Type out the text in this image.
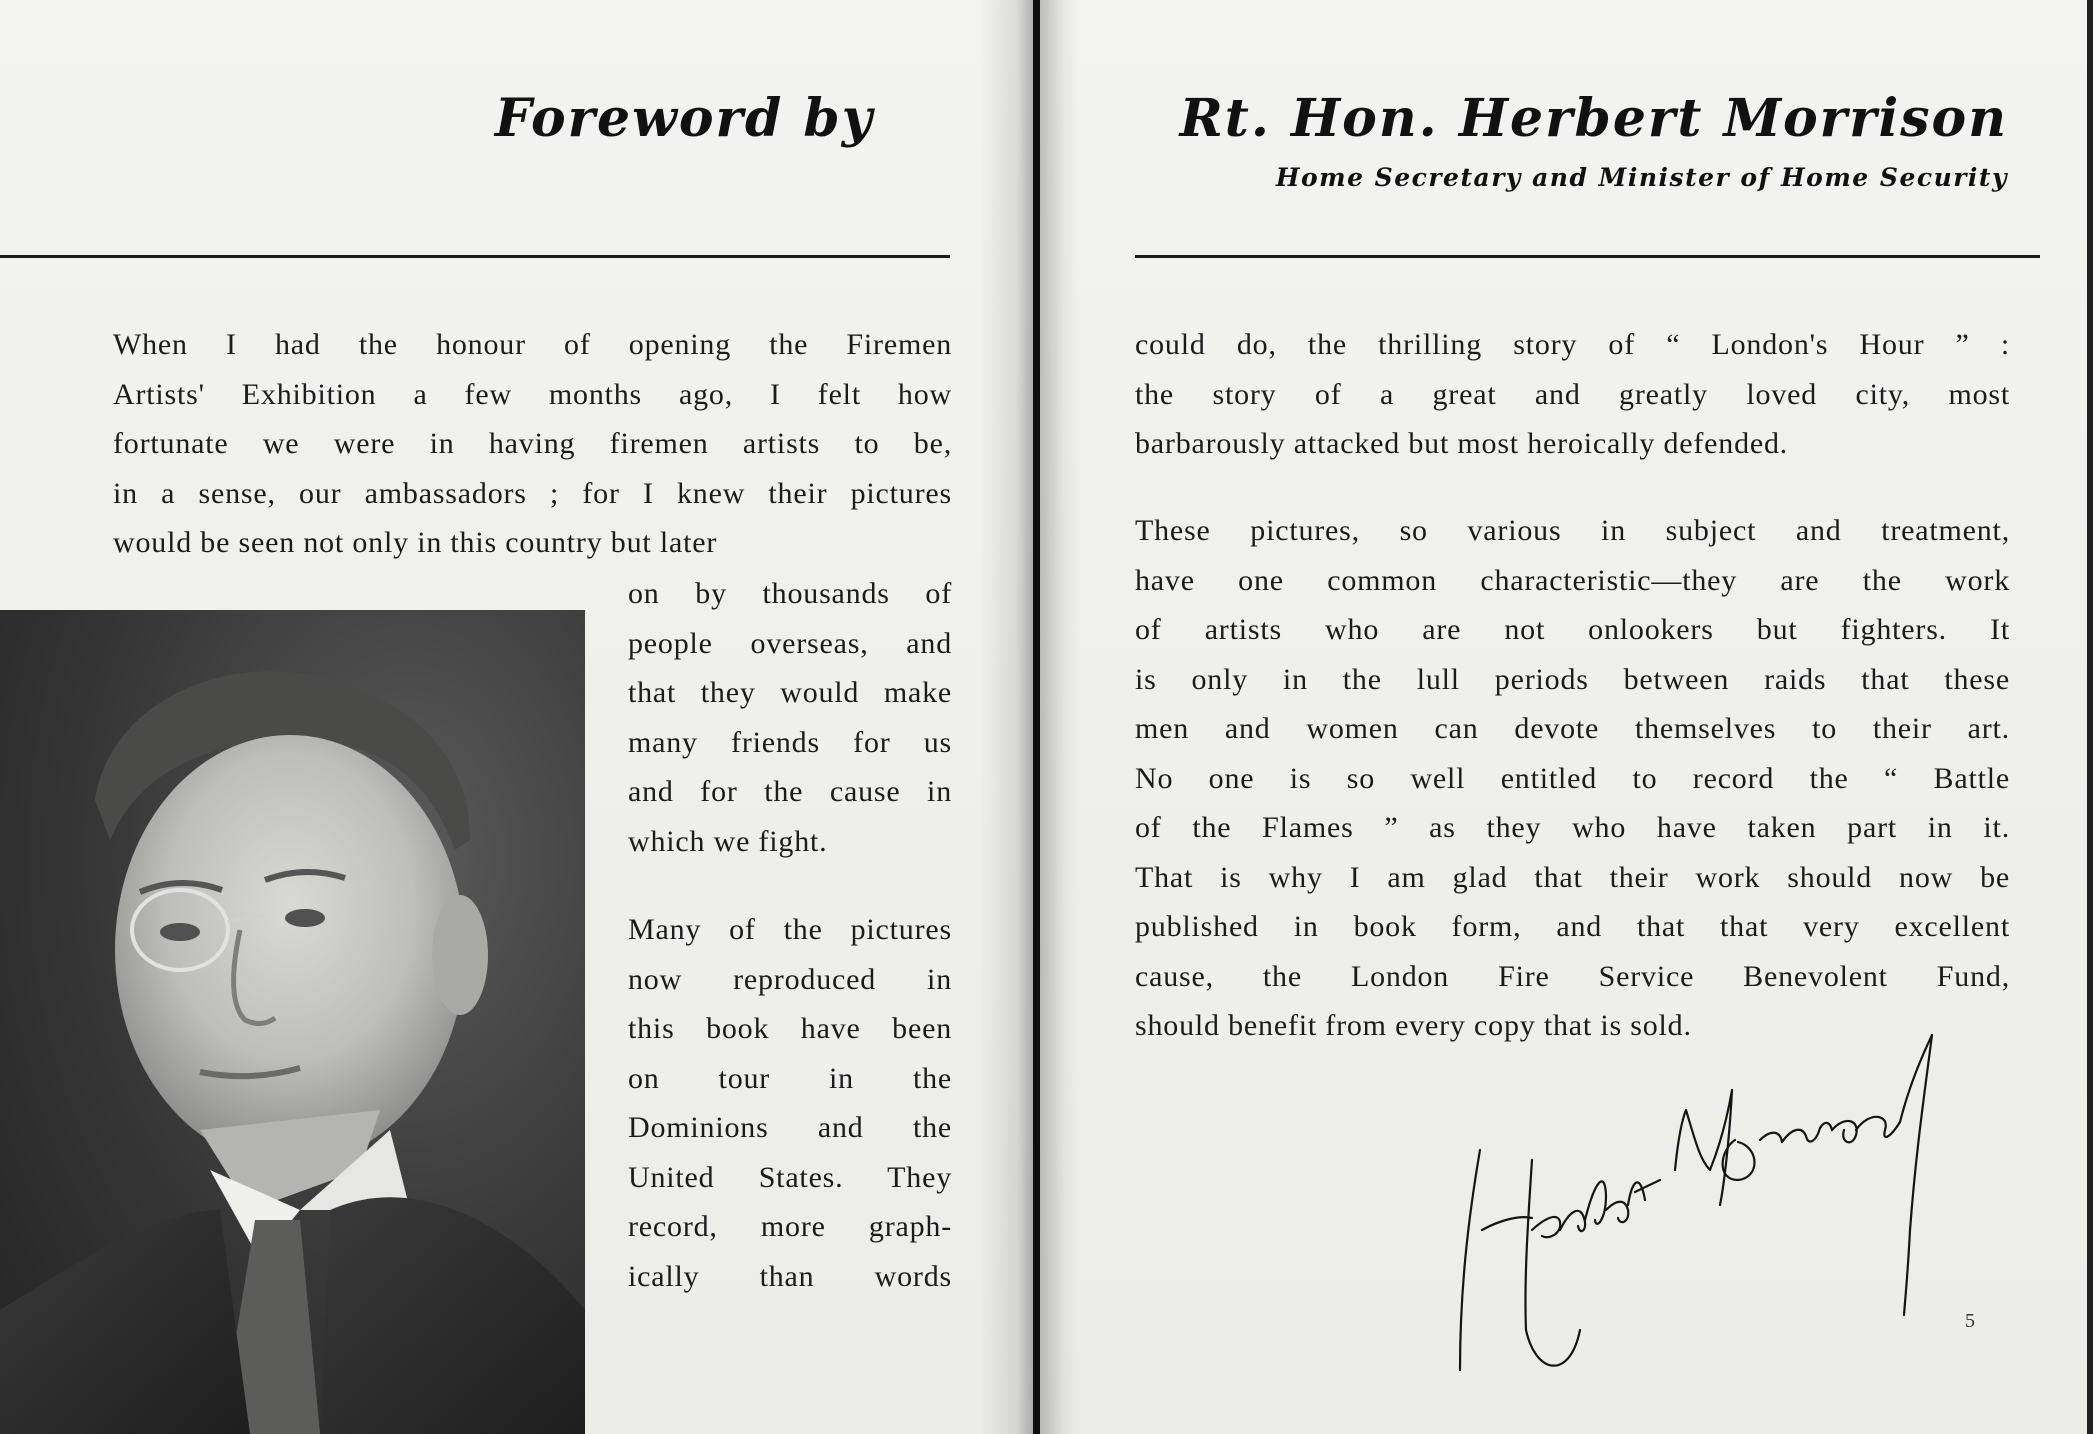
Foreword by

When I had the honour of opening the Firemen

Artists' Exhibition a few months ago, I felt how

fortunate we were in having firemen artists to be,

in a sense, our ambassadors ; for I knew their pictures

would be seen not only in this country but later

on by thousands of

people overseas, and

that they would make

many friends for us

and for the cause in

which we fight.

Many of the pictures

now reproduced in

this book have been

on tour in the

Dominions and the

United States. They

record, more graph-

ically than words

Rt. Hon. Herbert Morrison
Home Secretary and Minister of Home Security

could do, the thrilling story of “ London's Hour ” :

the story of a great and greatly loved city, most

barbarously attacked but most heroically defended.

These pictures, so various in subject and treatment,

have one common characteristic—they are the work

of artists who are not onlookers but fighters. It

is only in the lull periods between raids that these

men and women can devote themselves to their art.

No one is so well entitled to record the “ Battle

of the Flames ” as they who have taken part in it.

That is why I am glad that their work should now be

published in book form, and that that very excellent

cause, the London Fire Service Benevolent Fund,

should benefit from every copy that is sold.

5
